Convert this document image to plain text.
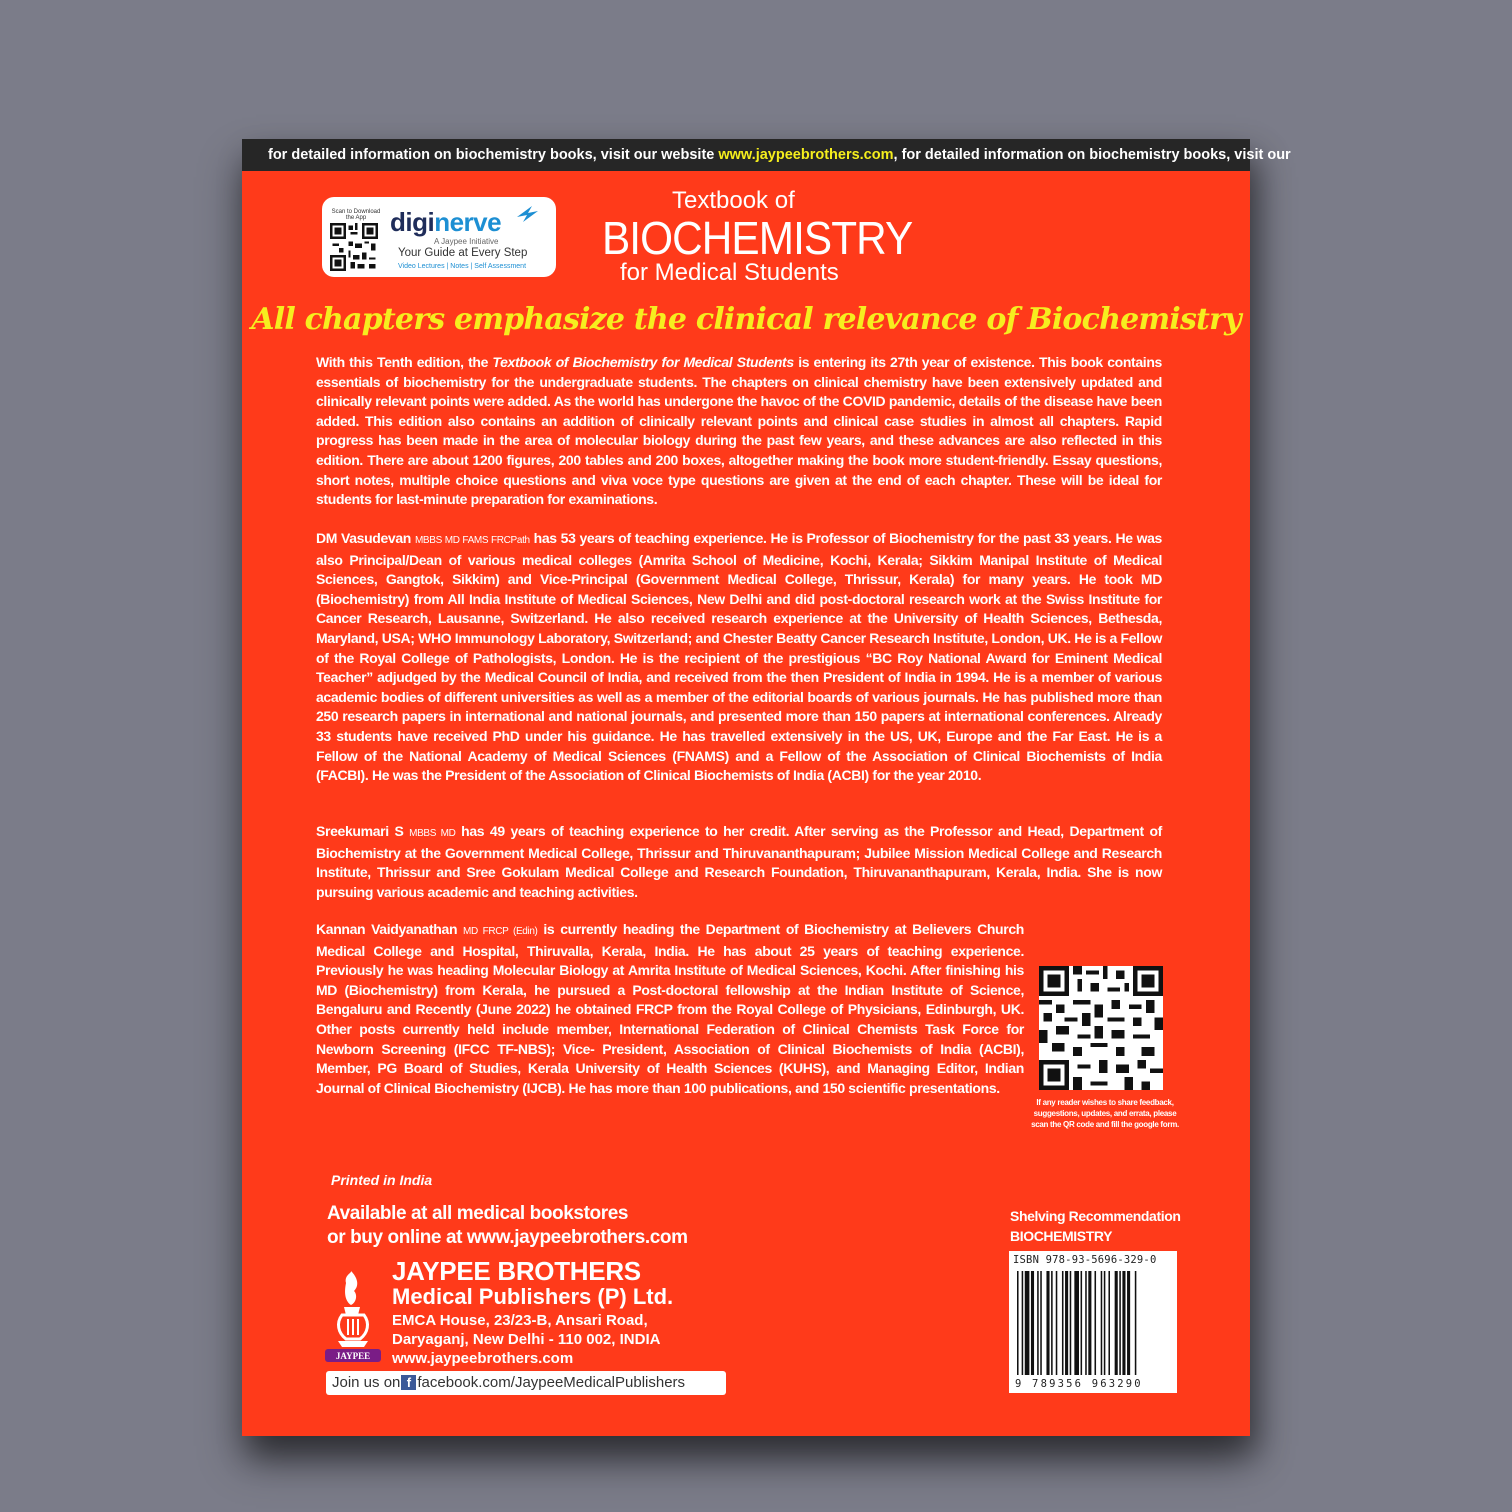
for detailed information on biochemistry books, visit our website www.jaypeebrothers.com, for detailed information on biochemistry books, visit our
Scan to Download the App diginerve
A Jaypee Initiative
Your Guide at Every Step
Video Lectures | Notes | Self Assessment
Textbook of
BIOCHEMISTRY
for Medical Students
All chapters emphasize the clinical relevance of Biochemistry
With this Tenth edition, the Textbook of Biochemistry for Medical Students is entering its 27th year of existence. This book contains essentials of biochemistry for the undergraduate students. The chapters on clinical chemistry have been extensively updated and clinically relevant points were added. As the world has undergone the havoc of the COVID pandemic, details of the disease have been added. This edition also contains an addition of clinically relevant points and clinical case studies in almost all chapters. Rapid progress has been made in the area of molecular biology during the past few years, and these advances are also reflected in this edition. There are about 1200 figures, 200 tables and 200 boxes, altogether making the book more student-friendly. Essay questions, short notes, multiple choice questions and viva voce type questions are given at the end of each chapter. These will be ideal for students for last-minute preparation for examinations.
DM Vasudevan MBBS MD FAMS FRCPath has 53 years of teaching experience. He is Professor of Biochemistry for the past 33 years. He was also Principal/Dean of various medical colleges (Amrita School of Medicine, Kochi, Kerala; Sikkim Manipal Institute of Medical Sciences, Gangtok, Sikkim) and Vice-Principal (Government Medical College, Thrissur, Kerala) for many years. He took MD (Biochemistry) from All India Institute of Medical Sciences, New Delhi and did post-doctoral research work at the Swiss Institute for Cancer Research, Lausanne, Switzerland. He also received research experience at the University of Health Sciences, Bethesda, Maryland, USA; WHO Immunology Laboratory, Switzerland; and Chester Beatty Cancer Research Institute, London, UK. He is a Fellow of the Royal College of Pathologists, London. He is the recipient of the prestigious “BC Roy National Award for Eminent Medical Teacher” adjudged by the Medical Council of India, and received from the then President of India in 1994. He is a member of various academic bodies of different universities as well as a member of the editorial boards of various journals. He has published more than 250 research papers in international and national journals, and presented more than 150 papers at international conferences. Already 33 students have received PhD under his guidance. He has travelled extensively in the US, UK, Europe and the Far East. He is a Fellow of the National Academy of Medical Sciences (FNAMS) and a Fellow of the Association of Clinical Biochemists of India (FACBI). He was the President of the Association of Clinical Biochemists of India (ACBI) for the year 2010.
Sreekumari S MBBS MD has 49 years of teaching experience to her credit. After serving as the Professor and Head, Department of Biochemistry at the Government Medical College, Thrissur and Thiruvananthapuram; Jubilee Mission Medical College and Research Institute, Thrissur and Sree Gokulam Medical College and Research Foundation, Thiruvananthapuram, Kerala, India. She is now pursuing various academic and teaching activities.
Kannan Vaidyanathan MD FRCP (Edin) is currently heading the Department of Biochemistry at Believers Church Medical College and Hospital, Thiruvalla, Kerala, India. He has about 25 years of teaching experience. Previously he was heading Molecular Biology at Amrita Institute of Medical Sciences, Kochi. After finishing his MD (Biochemistry) from Kerala, he pursued a Post-doctoral fellowship at the Indian Institute of Science, Bengaluru and Recently (June 2022) he obtained FRCP from the Royal College of Physicians, Edinburgh, UK. Other posts currently held include member, International Federation of Clinical Chemists Task Force for Newborn Screening (IFCC TF-NBS); Vice- President, Association of Clinical Biochemists of India (ACBI), Member, PG Board of Studies, Kerala University of Health Sciences (KUHS), and Managing Editor, Indian Journal of Clinical Biochemistry (IJCB). He has more than 100 publications, and 150 scientific presentations.
If any reader wishes to share feedback, suggestions, updates, and errata, please scan the QR code and fill the google form.
Printed in India
Available at all medical bookstores
or buy online at www.jaypeebrothers.com
JAYPEE
JAYPEE BROTHERS
Medical Publishers (P) Ltd.
EMCA House, 23/23-B, Ansari Road,
Daryaganj, New Delhi - 110 002, INDIA
www.jaypeebrothers.com
Join us on f facebook.com/JaypeeMedicalPublishers
Shelving Recommendation
BIOCHEMISTRY
ISBN 978-93-5696-329-0
9 789356 963290
